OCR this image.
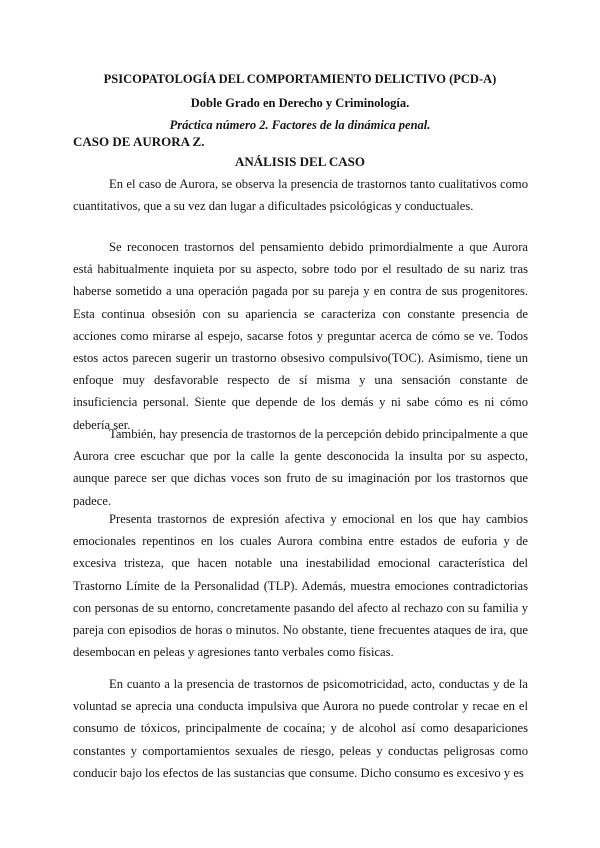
PSICOPATOLOGÍA DEL COMPORTAMIENTO DELICTIVO (PCD-A)
Doble Grado en Derecho y Criminología.
Práctica número 2. Factores de la dinámica penal.
CASO DE AURORA Z.
ANÁLISIS DEL CASO

En el caso de Aurora, se observa la presencia de trastornos tanto cualitativos como cuantitativos, que a su vez dan lugar a dificultades psicológicas y conductuales.

Se reconocen trastornos del pensamiento debido primordialmente a que Aurora está habitualmente inquieta por su aspecto, sobre todo por el resultado de su nariz tras haberse sometido a una operación pagada por su pareja y en contra de sus progenitores. Esta continua obsesión con su apariencia se caracteriza con constante presencia de acciones como mirarse al espejo, sacarse fotos y preguntar acerca de cómo se ve. Todos estos actos parecen sugerir un trastorno obsesivo compulsivo(TOC). Asimismo, tiene un enfoque muy desfavorable respecto de sí misma y una sensación constante de insuficiencia personal. Siente que depende de los demás y ni sabe cómo es ni cómo debería ser.

También, hay presencia de trastornos de la percepción debido principalmente a que Aurora cree escuchar que por la calle la gente desconocida la insulta por su aspecto, aunque parece ser que dichas voces son fruto de su imaginación por los trastornos que padece.

Presenta trastornos de expresión afectiva y emocional en los que hay cambios emocionales repentinos en los cuales Aurora combina entre estados de euforia y de excesiva tristeza, que hacen notable una inestabilidad emocional característica del Trastorno Límite de la Personalidad (TLP). Además, muestra emociones contradictorias con personas de su entorno, concretamente pasando del afecto al rechazo con su familia y pareja con episodios de horas o minutos. No obstante, tiene frecuentes ataques de ira, que desembocan en peleas y agresiones tanto verbales como físicas.

En cuanto a la presencia de trastornos de psicomotricidad, acto, conductas y de la voluntad se aprecia una conducta impulsiva que Aurora no puede controlar y recae en el consumo de tóxicos, principalmente de cocaína; y de alcohol así como desapariciones constantes y comportamientos sexuales de riesgo, peleas y conductas peligrosas como conducir bajo los efectos de las sustancias que consume. Dicho consumo es excesivo y es
